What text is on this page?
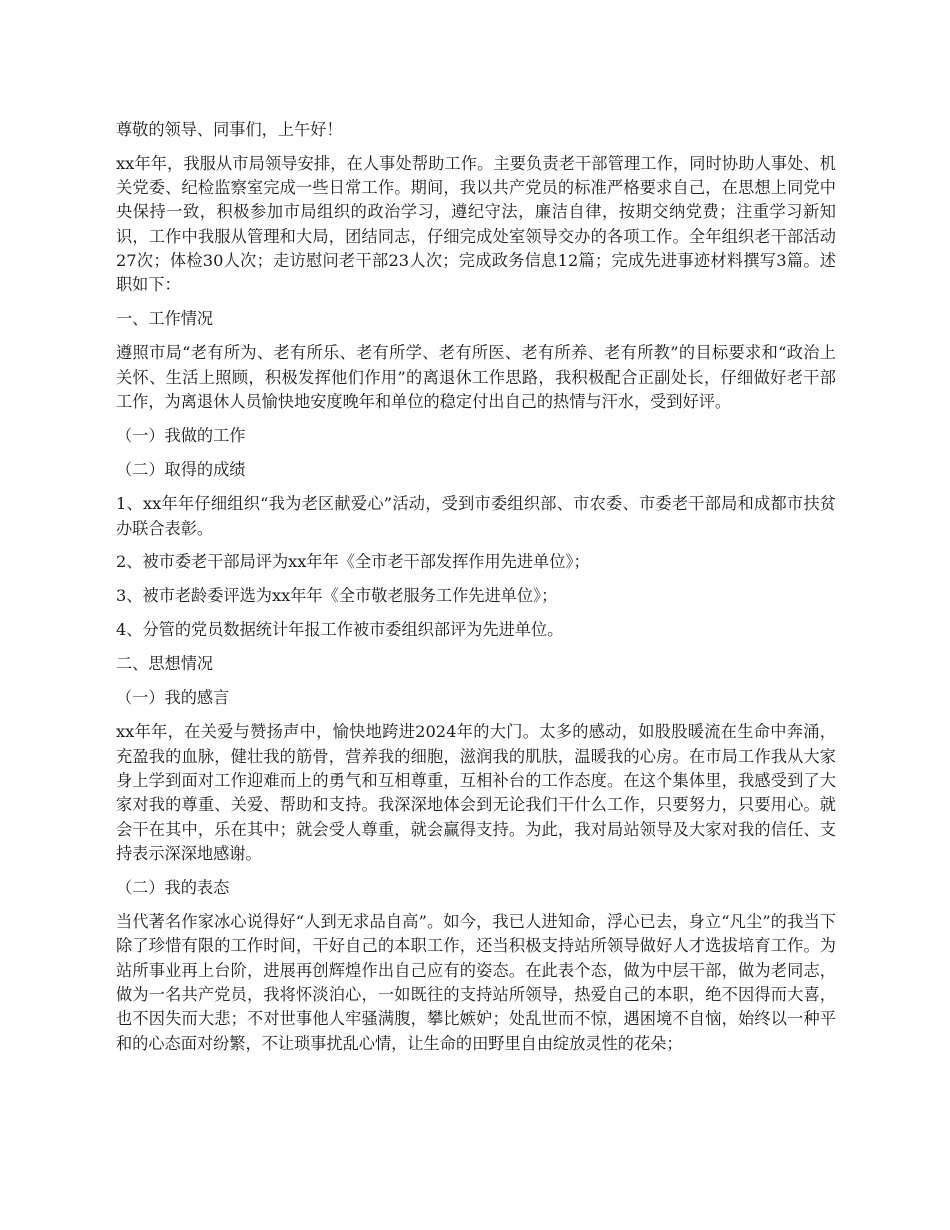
尊敬的领导、同事们，上午好！

xx年年，我服从市局领导安排，在人事处帮助工作。主要负责老干部管理工作，同时协助人事处、机关党委、纪检监察室完成一些日常工作。期间，我以共产党员的标准严格要求自己，在思想上同党中央保持一致，积极参加市局组织的政治学习，遵纪守法，廉洁自律，按期交纳党费；注重学习新知识，工作中我服从管理和大局，团结同志，仔细完成处室领导交办的各项工作。全年组织老干部活动27次；体检30人次；走访慰问老干部23人次；完成政务信息12篇；完成先进事迹材料撰写3篇。述职如下：

一、工作情况

遵照市局“老有所为、老有所乐、老有所学、老有所医、老有所养、老有所教”的目标要求和“政治上关怀、生活上照顾，积极发挥他们作用”的离退休工作思路，我积极配合正副处长，仔细做好老干部工作，为离退休人员愉快地安度晚年和单位的稳定付出自己的热情与汗水，受到好评。

（一）我做的工作

（二）取得的成绩

1、xx年年仔细组织“我为老区献爱心”活动，受到市委组织部、市农委、市委老干部局和成都市扶贫办联合表彰。

2、被市委老干部局评为xx年年《全市老干部发挥作用先进单位》；

3、被市老龄委评选为xx年年《全市敬老服务工作先进单位》；

4、分管的党员数据统计年报工作被市委组织部评为先进单位。

二、思想情况

（一）我的感言

xx年年，在关爱与赞扬声中，愉快地跨进2024年的大门。太多的感动，如股股暖流在生命中奔涌，充盈我的血脉，健壮我的筋骨，营养我的细胞，滋润我的肌肤，温暖我的心房。在市局工作我从大家身上学到面对工作迎难而上的勇气和互相尊重，互相补台的工作态度。在这个集体里，我感受到了大家对我的尊重、关爱、帮助和支持。我深深地体会到无论我们干什么工作，只要努力，只要用心。就会干在其中，乐在其中；就会受人尊重，就会赢得支持。为此，我对局站领导及大家对我的信任、支持表示深深地感谢。

（二）我的表态

当代著名作家冰心说得好“人到无求品自高”。如今，我已人进知命，浮心已去，身立“凡尘”的我当下除了珍惜有限的工作时间，干好自己的本职工作，还当积极支持站所领导做好人才选拔培育工作。为站所事业再上台阶，进展再创辉煌作出自己应有的姿态。在此表个态，做为中层干部，做为老同志，做为一名共产党员，我将怀淡泊心，一如既往的支持站所领导，热爱自己的本职，绝不因得而大喜，也不因失而大悲；不对世事他人牢骚满腹，攀比嫉妒；处乱世而不惊，遇困境不自恼，始终以一种平和的心态面对纷繁，不让琐事扰乱心情，让生命的田野里自由绽放灵性的花朵；
